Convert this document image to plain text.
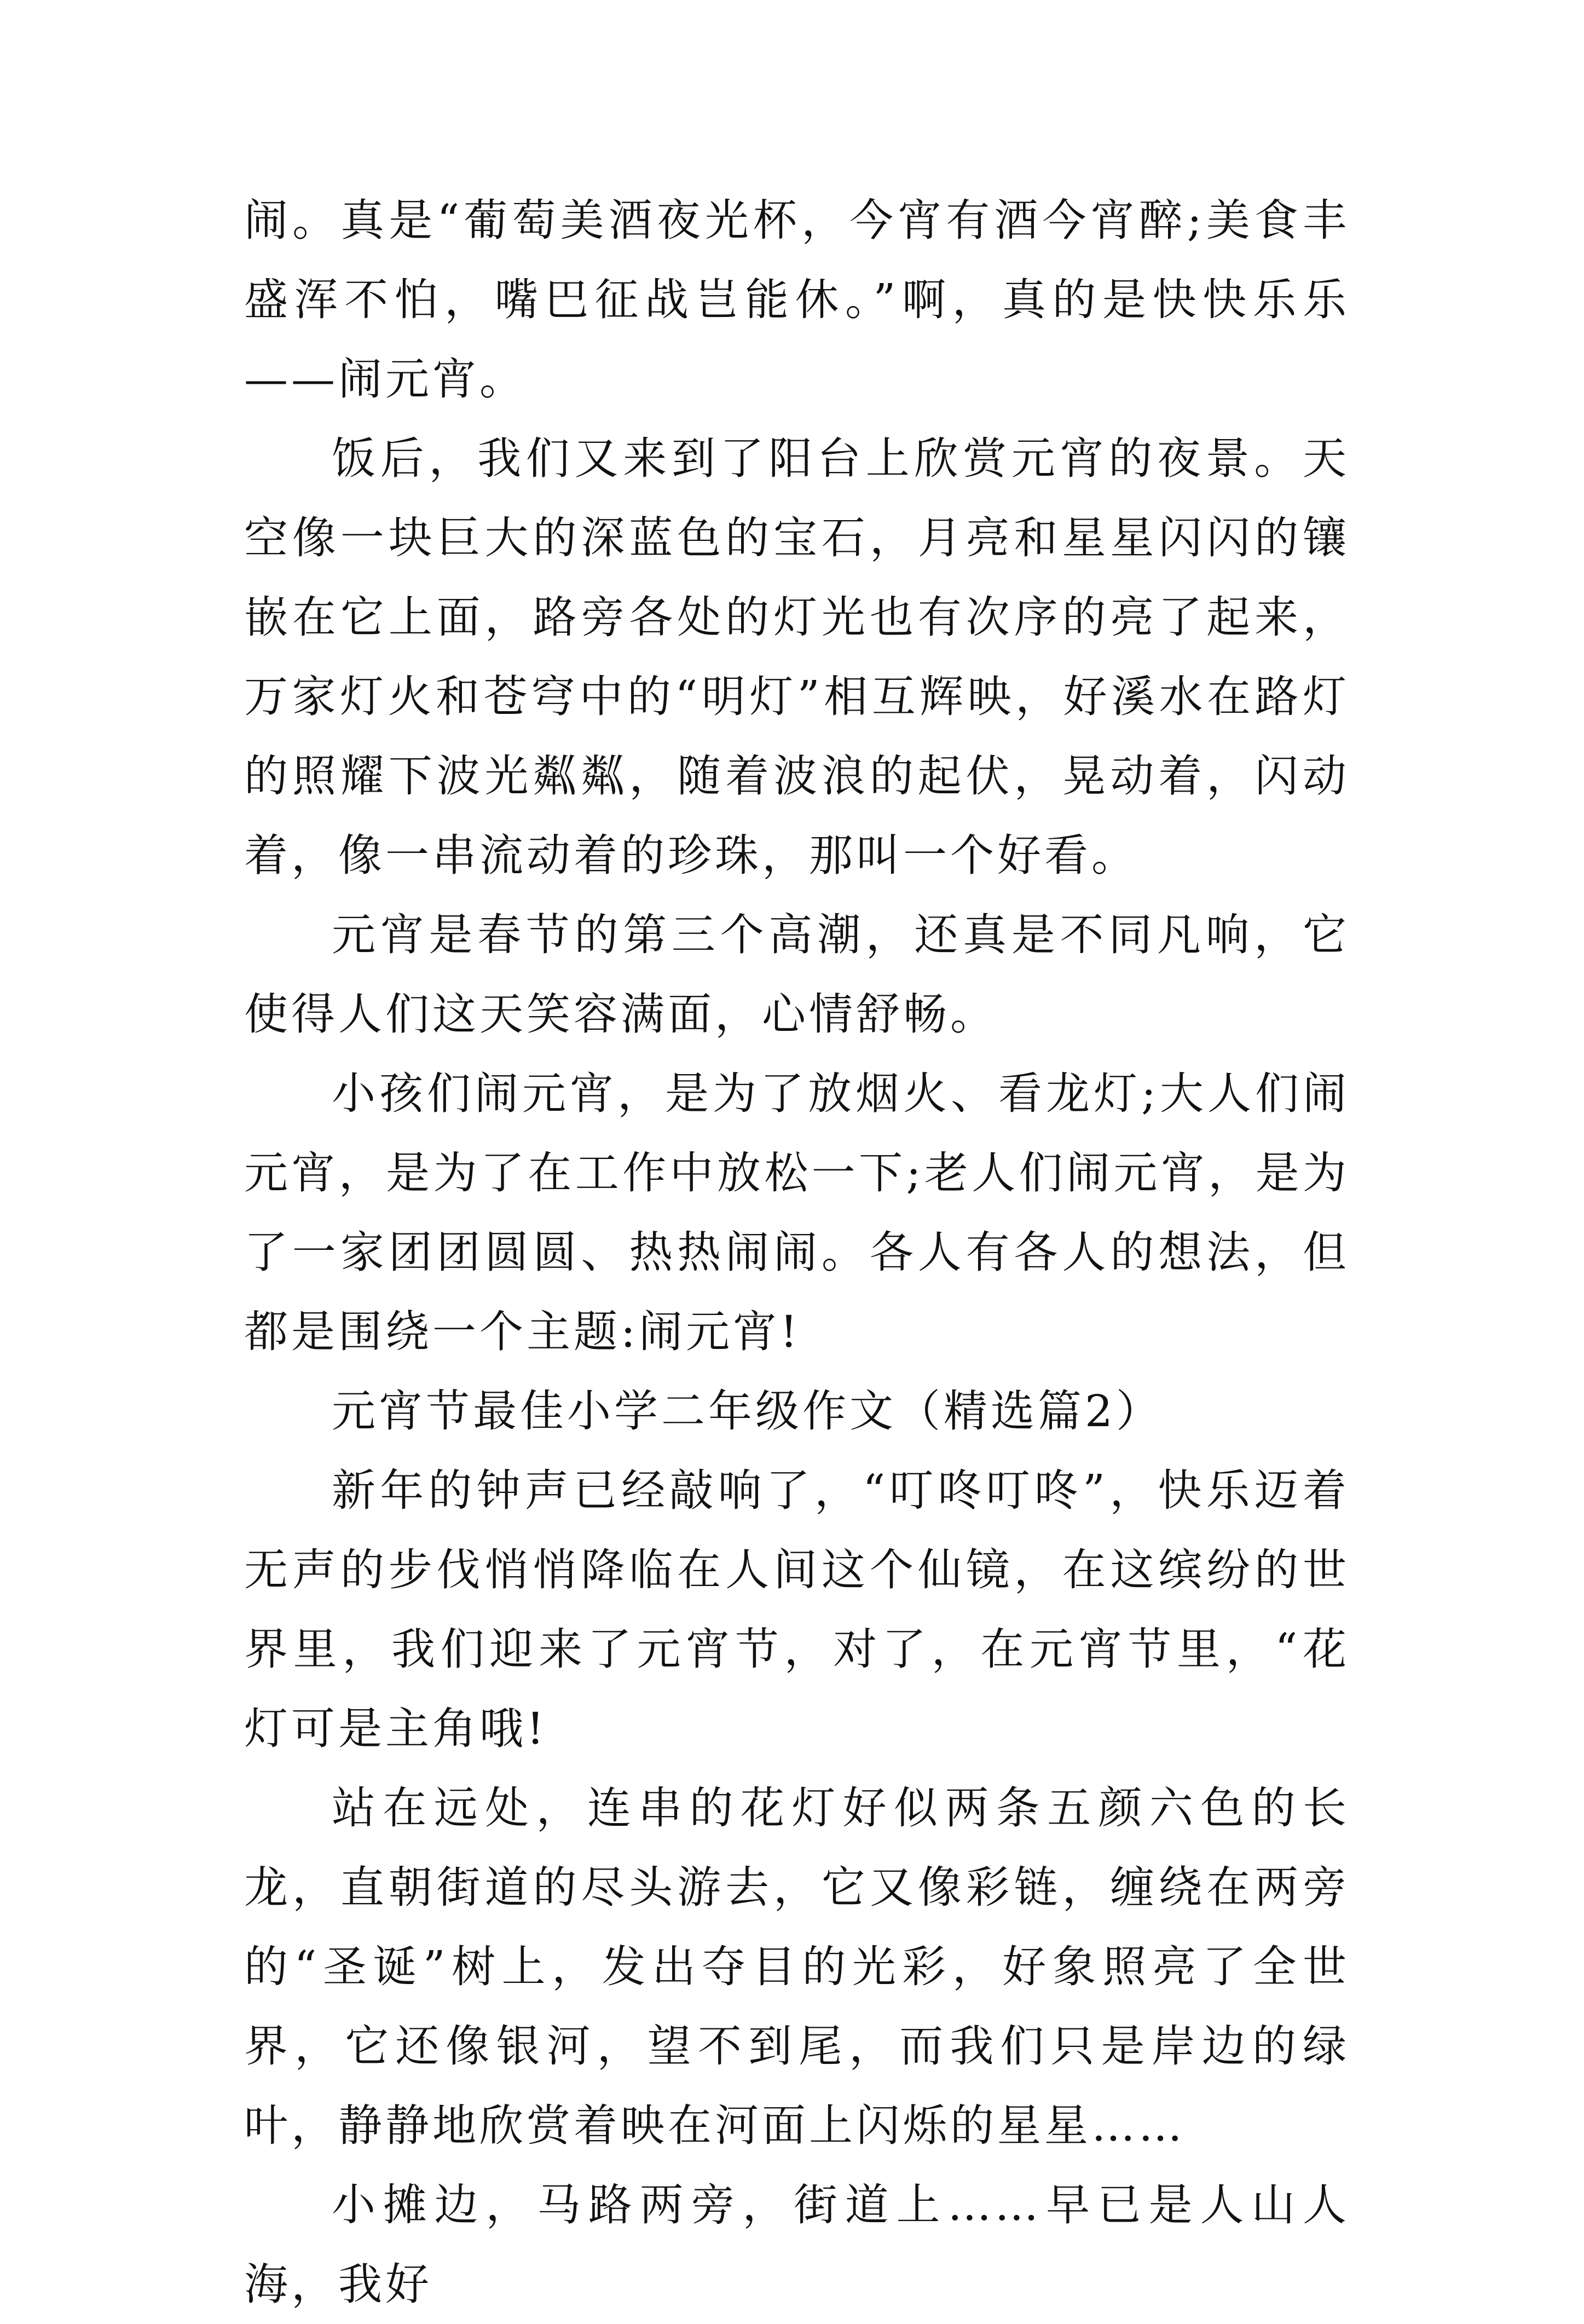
闹。真是“葡萄美酒夜光杯，今宵有酒今宵醉;美食丰盛浑不怕，嘴巴征战岂能休。”啊，真的是快快乐乐——闹元宵。

饭后，我们又来到了阳台上欣赏元宵的夜景。天空像一块巨大的深蓝色的宝石，月亮和星星闪闪的镶嵌在它上面，路旁各处的灯光也有次序的亮了起来，万家灯火和苍穹中的“明灯”相互辉映，好溪水在路灯的照耀下波光粼粼，随着波浪的起伏，晃动着，闪动着，像一串流动着的珍珠，那叫一个好看。

元宵是春节的第三个高潮，还真是不同凡响，它使得人们这天笑容满面，心情舒畅。

小孩们闹元宵，是为了放烟火、看龙灯;大人们闹元宵，是为了在工作中放松一下;老人们闹元宵，是为了一家团团圆圆、热热闹闹。各人有各人的想法，但都是围绕一个主题:闹元宵!

元宵节最佳小学二年级作文（精选篇2）

新年的钟声已经敲响了，“叮咚叮咚”，快乐迈着无声的步伐悄悄降临在人间这个仙镜，在这缤纷的世界里，我们迎来了元宵节，对了，在元宵节里，“花灯可是主角哦!

站在远处，连串的花灯好似两条五颜六色的长龙，直朝街道的尽头游去，它又像彩链，缠绕在两旁的“圣诞”树上，发出夺目的光彩，好象照亮了全世界，它还像银河，望不到尾，而我们只是岸边的绿叶，静静地欣赏着映在河面上闪烁的星星……

小摊边，马路两旁，街道上……早已是人山人海，我好
